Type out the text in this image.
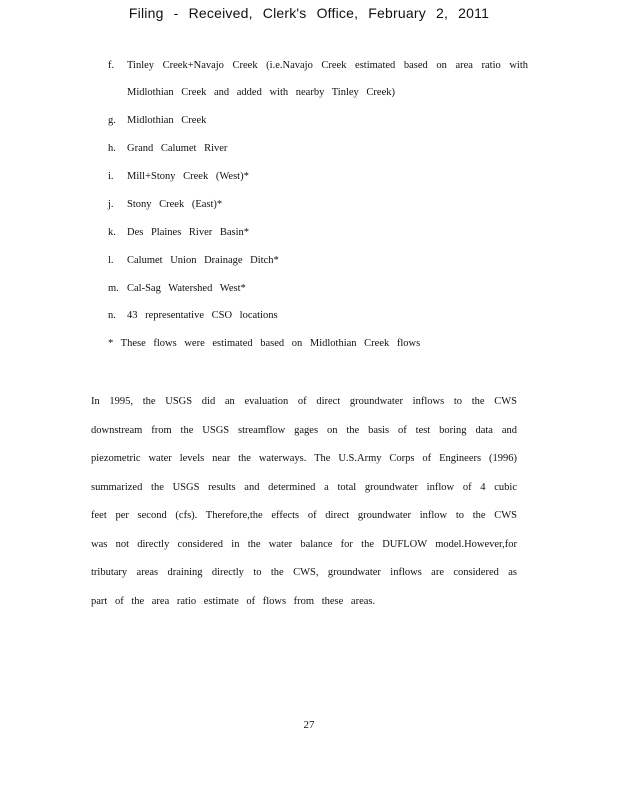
Filing - Received, Clerk's Office, February 2, 2011
f.	Tinley Creek+Navajo Creek (i.e.Navajo Creek estimated based on area ratio with Midlothian Creek and added with nearby Tinley Creek)
g.	Midlothian Creek
h.	Grand Calumet River
i.	Mill+Stony Creek (West)*
j.	Stony Creek (East)*
k.	Des Plaines River Basin*
l.	Calumet Union Drainage Ditch*
m. Cal-Sag Watershed West*
n.	43 representative CSO locations
* These flows were estimated based on Midlothian Creek flows
In 1995, the USGS did an evaluation of direct groundwater inflows to the CWS downstream from the USGS streamflow gages on the basis of test boring data and piezometric water levels near the waterways. The U.S.Army Corps of Engineers (1996) summarized the USGS results and determined a total groundwater inflow of 4 cubic feet per second (cfs). Therefore,the effects of direct groundwater inflow to the CWS was not directly considered in the water balance for the DUFLOW model.However,for tributary areas draining directly to the CWS, groundwater inflows are considered as part of the area ratio estimate of flows from these areas.
27
